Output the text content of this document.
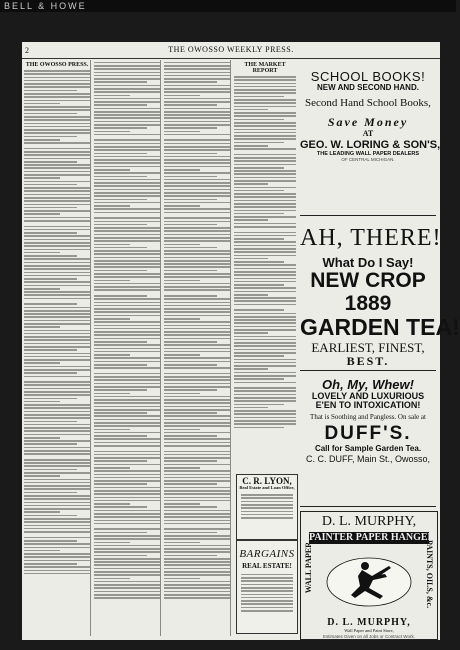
BELL & HOWE
2	THE OWOSSO WEEKLY PRESS.
THE OWOSSO PRESS.	THE MARKET REPORT
C. R. LYON,
Real Estate and Loan Office,
BARGAINS
REAL ESTATE!
SCHOOL BOOKS!
NEW AND SECOND HAND.
Second Hand School Books,
Save Money
AT
GEO. W. LORING & SON'S,
THE LEADING WALL PAPER DEALERS
OF CENTRAL MICHIGAN.
AH, THERE!
What Do I Say!
NEW CROP
1889
GARDEN TEA!
EARLIEST, FINEST,
BEST.
Oh, My, Whew!
LOVELY AND LUXURIOUS
E'EN TO INTOXICATION!
That is Soothing and Pangless. On sale at
DUFF'S.
Call for Sample Garden Tea.
C. C. DUFF, Main St., Owosso,
D. L. MURPHY,
PAINTER PAPER HANGER
WALL PAPER,	PAINTS, OILS, &c.
D. L. MURPHY,
Wall Paper and Paint Store,
Estimates Given on all Jobs or Contract Work.
